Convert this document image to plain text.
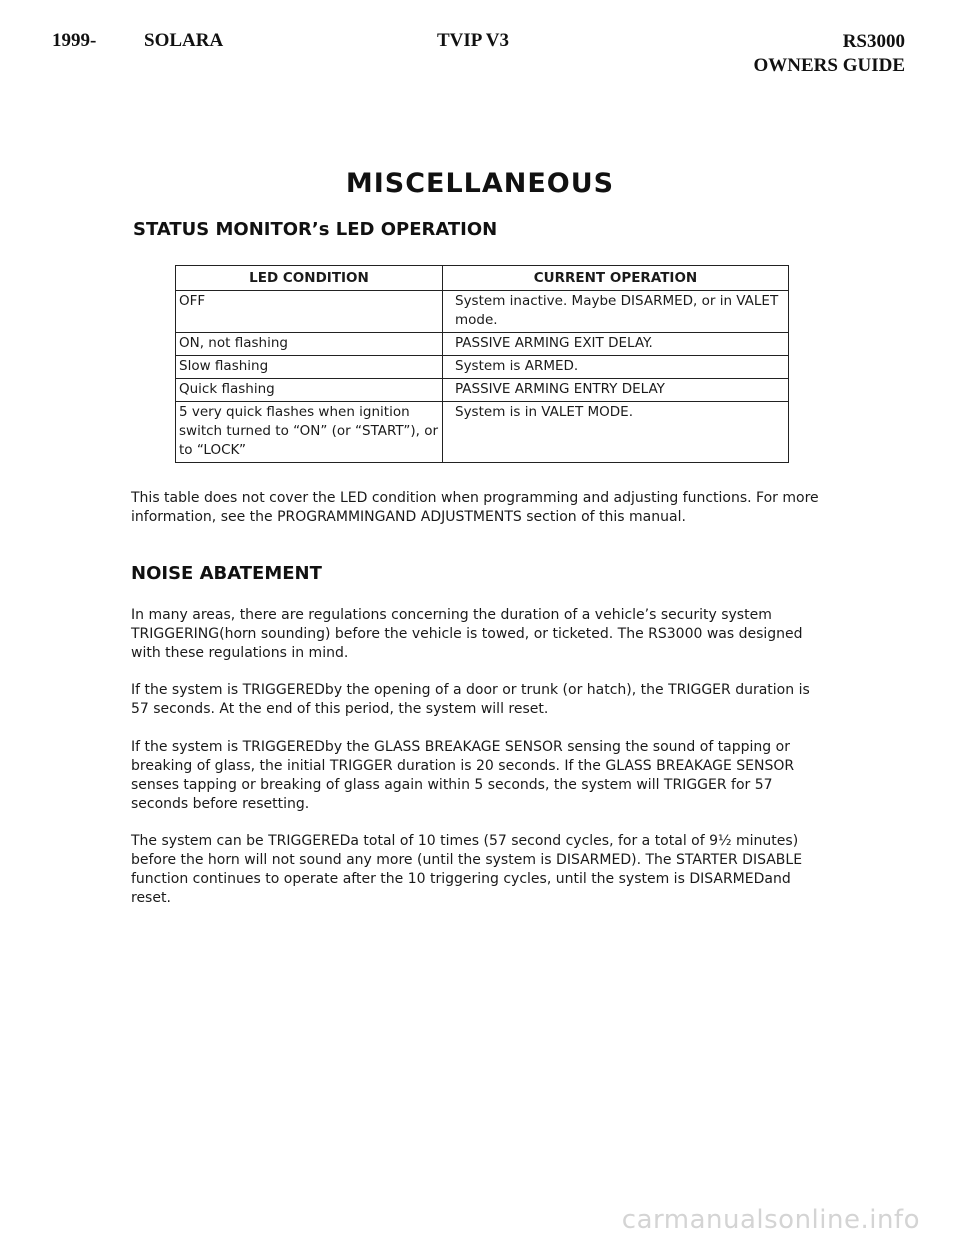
1999-	SOLARA	TVIP V3	RS3000
OWNERS GUIDE
MISCELLANEOUS
STATUS MONITOR’s LED OPERATION
LED CONDITION	CURRENT OPERATION
OFF	System inactive. Maybe DISARMED, or in VALET mode.
ON, not flashing	PASSIVE ARMING EXIT DELAY.
Slow flashing	System is ARMED.
Quick flashing	PASSIVE ARMING ENTRY DELAY
5 very quick flashes when ignition switch turned to “ON” (or “START”), or to “LOCK”	System is in VALET MODE.
This table does not cover the LED condition when programming and adjusting functions. For more information, see the PROGRAMMINGAND ADJUSTMENTS section of this manual.
NOISE ABATEMENT
In many areas, there are regulations concerning the duration of a vehicle’s security system TRIGGERING(horn sounding) before the vehicle is towed, or ticketed. The RS3000 was designed with these regulations in mind.
If the system is TRIGGEREDby the opening of a door or trunk (or hatch), the TRIGGER duration is 57 seconds. At the end of this period, the system will reset.
If the system is TRIGGEREDby the GLASS BREAKAGE SENSOR sensing the sound of tapping or breaking of glass, the initial TRIGGER duration is 20 seconds. If the GLASS BREAKAGE SENSOR senses tapping or breaking of glass again within 5 seconds, the system will TRIGGER for 57 seconds before resetting.
The system can be TRIGGEREDa total of 10 times (57 second cycles, for a total of 9½ minutes) before the horn will not sound any more (until the system is DISARMED). The STARTER DISABLE function continues to operate after the 10 triggering cycles, until the system is DISARMEDand reset.
carmanualsonline.info
